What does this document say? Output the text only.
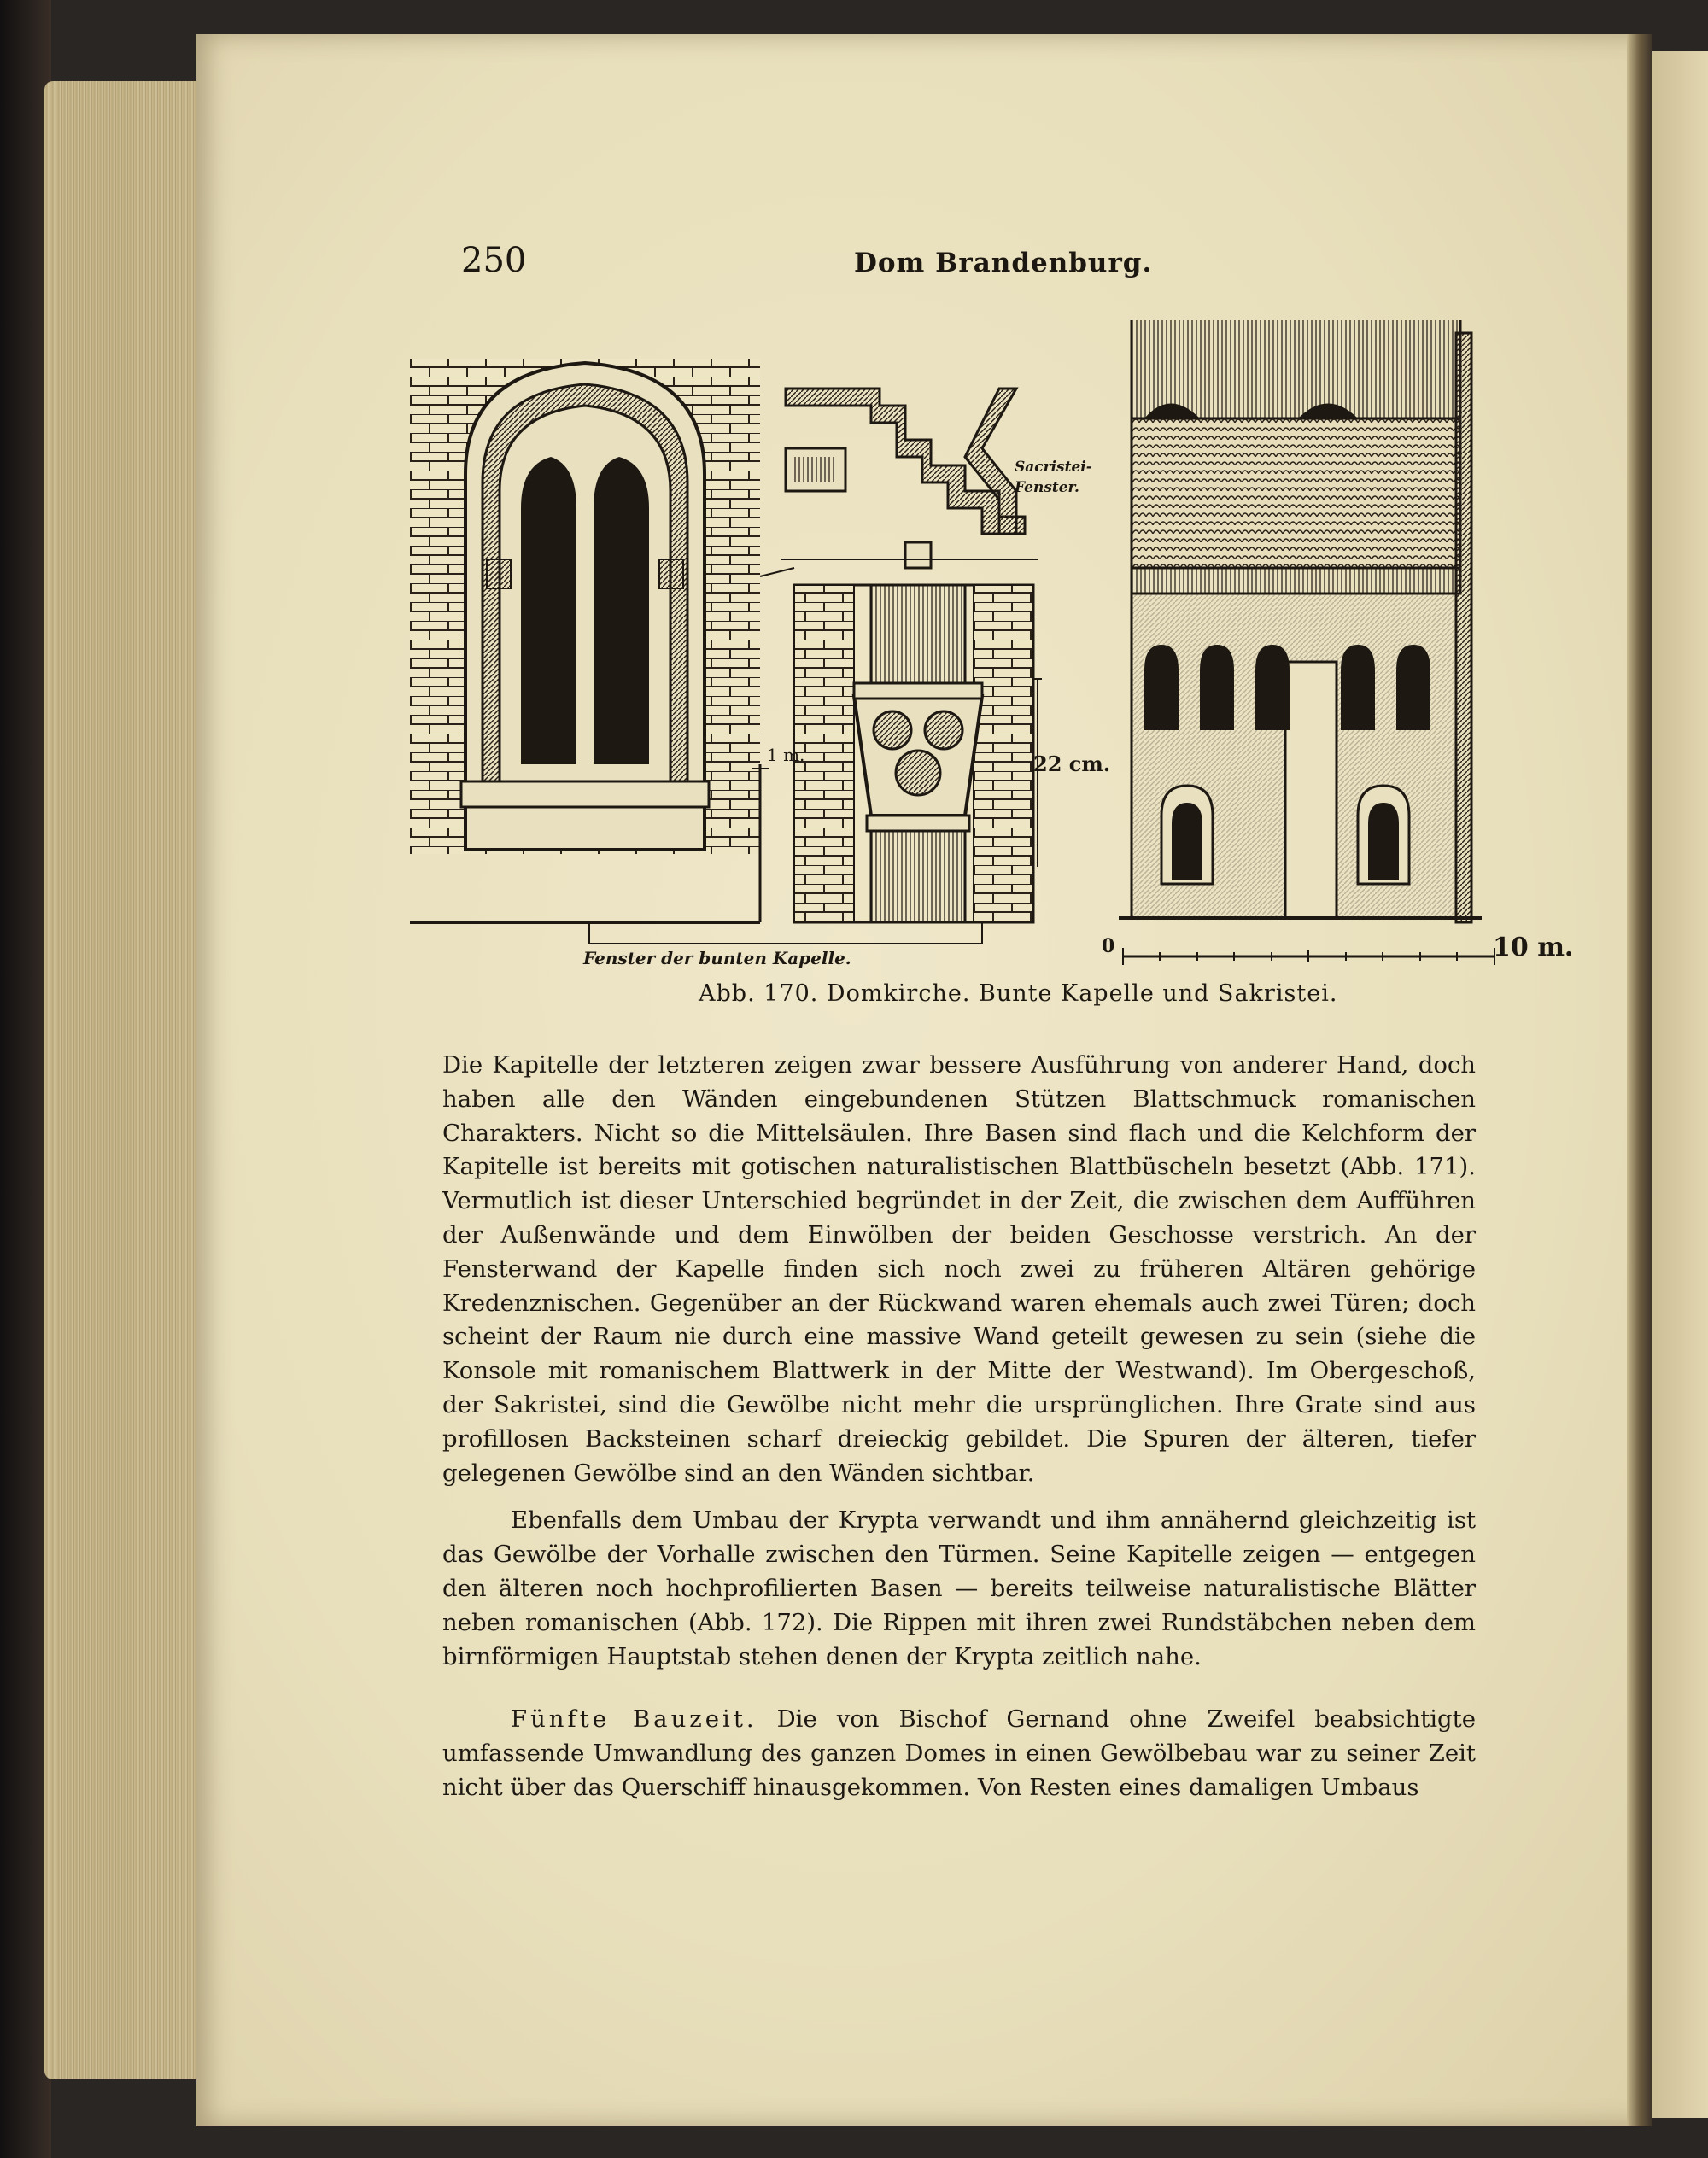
250	Dom Brandenburg.
Sacristei-Fenster.
1 m.	22 cm.
0	10 m.
Fenster der bunten Kapelle.
Abb. 170. Domkirche. Bunte Kapelle und Sakristei.

Die Kapitelle der letzteren zeigen zwar bessere Ausführung von anderer Hand, doch haben alle den Wänden eingebundenen Stützen Blattschmuck romanischen Charakters. Nicht so die Mittelsäulen. Ihre Basen sind flach und die Kelchform der Kapitelle ist bereits mit gotischen naturalistischen Blattbüscheln besetzt (Abb. 171). Vermutlich ist dieser Unterschied begründet in der Zeit, die zwischen dem Aufführen der Außenwände und dem Einwölben der beiden Geschosse verstrich. An der Fensterwand der Kapelle finden sich noch zwei zu früheren Altären gehörige Kredenznischen. Gegenüber an der Rückwand waren ehemals auch zwei Türen; doch scheint der Raum nie durch eine massive Wand geteilt gewesen zu sein (siehe die Konsole mit romanischem Blattwerk in der Mitte der Westwand). Im Obergeschoß, der Sakristei, sind die Gewölbe nicht mehr die ursprünglichen. Ihre Grate sind aus profillosen Backsteinen scharf dreieckig gebildet. Die Spuren der älteren, tiefer gelegenen Gewölbe sind an den Wänden sichtbar.

Ebenfalls dem Umbau der Krypta verwandt und ihm annähernd gleichzeitig ist das Gewölbe der Vorhalle zwischen den Türmen. Seine Kapitelle zeigen — entgegen den älteren noch hochprofilierten Basen — bereits teilweise naturalistische Blätter neben romanischen (Abb. 172). Die Rippen mit ihren zwei Rundstäbchen neben dem birnförmigen Hauptstab stehen denen der Krypta zeitlich nahe.

Fünfte Bauzeit. Die von Bischof Gernand ohne Zweifel beabsichtigte umfassende Umwandlung des ganzen Domes in einen Gewölbebau war zu seiner Zeit nicht über das Querschiff hinausgekommen. Von Resten eines damaligen Umbaus
